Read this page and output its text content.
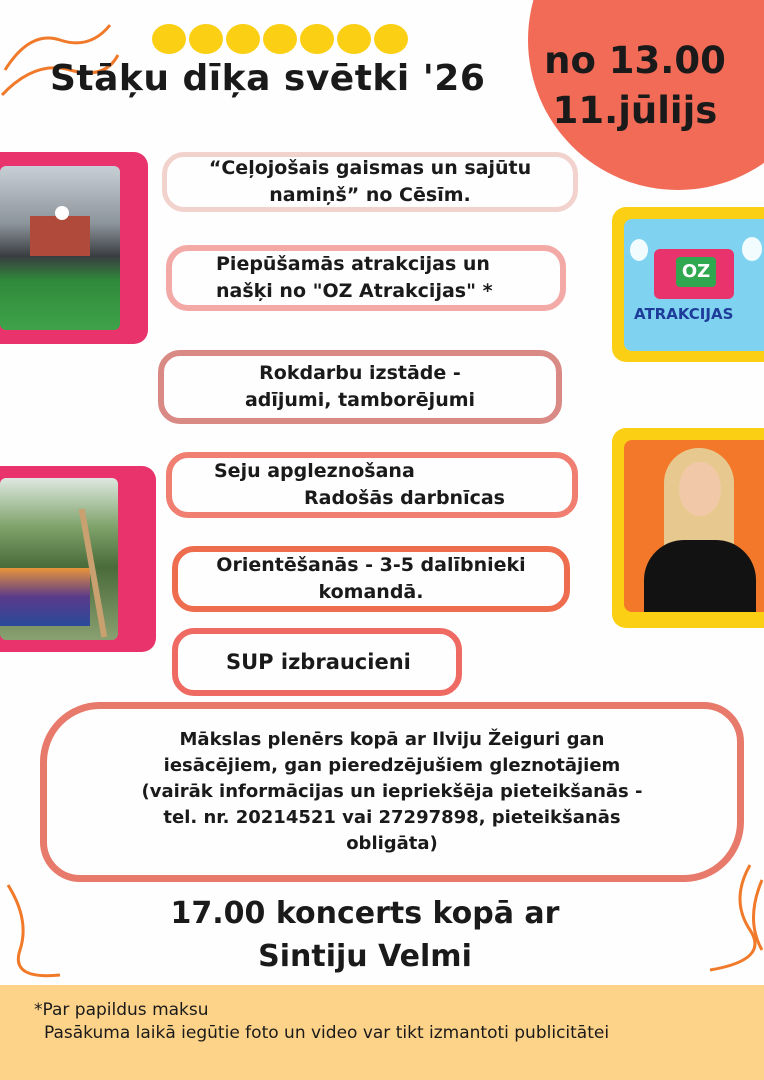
Stāķu dīķa svētki '26	no 13.00
11.jūlijs
OZ
ATRAKCIJAS
“Ceļojošais gaismas un sajūtu
namiņš” no Cēsīm.
Piepūšamās atrakcijas un
našķi no "OZ Atrakcijas" *
Rokdarbu izstāde -
adījumi, tamborējumi
Seju apgleznošana
Radošās darbnīcas
Orientēšanās - 3-5 dalībnieki
komandā.
SUP izbraucieni
Mākslas plenērs kopā ar Ilviju Žeiguri gan
iesācējiem, gan pieredzējušiem gleznotājiem
(vairāk informācijas un iepriekšēja pieteikšanās -
tel. nr. 20214521 vai 27297898, pieteikšanās
obligāta)
17.00 koncerts kopā ar
Sintiju Velmi
*Par papildus maksu
Pasākuma laikā iegūtie foto un video var tikt izmantoti publicitātei
